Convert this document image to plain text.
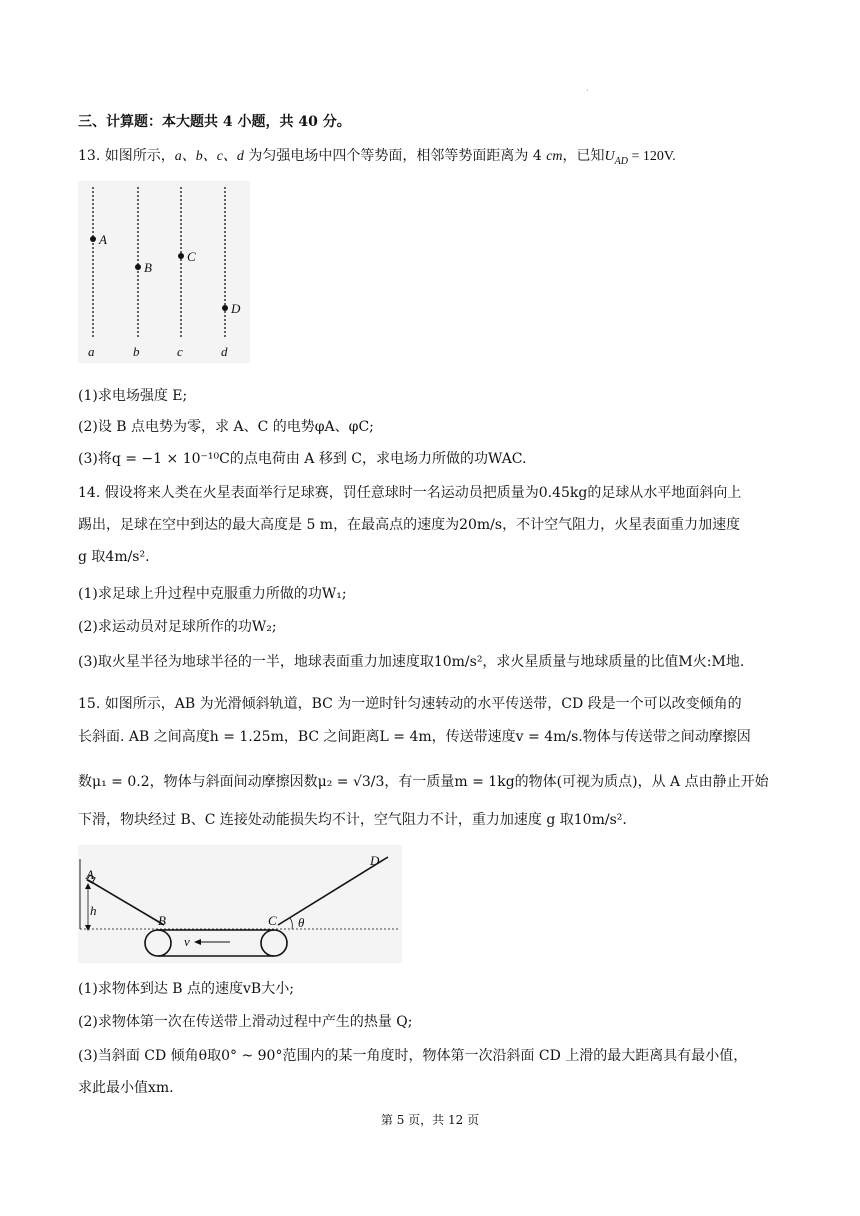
·
三、计算题：本大题共 4 小题，共 40 分。
13. 如图所示，a、b、c、d 为匀强电场中四个等势面，相邻等势面距离为 4 cm，已知$U_{AD} = 120V$.
A
B
C
D
a	b	c	d
(1)求电场强度 E;
(2)设 B 点电势为零，求 A、C 的电势φA、φC;
(3)将q = −1 × 10⁻¹⁰C的点电荷由 A 移到 C，求电场力所做的功WAC.
14. 假设将来人类在火星表面举行足球赛，罚任意球时一名运动员把质量为0.45kg的足球从水平地面斜向上
踢出，足球在空中到达的最大高度是 5 m，在最高点的速度为20m/s，不计空气阻力，火星表面重力加速度
g 取4m/s².
(1)求足球上升过程中克服重力所做的功W₁;
(2)求运动员对足球所作的功W₂;
(3)取火星半径为地球半径的一半，地球表面重力加速度取10m/s²，求火星质量与地球质量的比值M火:M地.
15. 如图所示，AB 为光滑倾斜轨道，BC 为一逆时针匀速转动的水平传送带，CD 段是一个可以改变倾角的
长斜面. AB 之间高度h = 1.25m，BC 之间距离L = 4m，传送带速度v = 4m/s.物体与传送带之间动摩擦因
数μ₁ = 0.2，物体与斜面间动摩擦因数μ₂ = √3/3，有一质量m = 1kg的物体(可视为质点)，从 A 点由静止开始
下滑，物块经过 B、C 连接处动能损失均不计，空气阻力不计，重力加速度 g 取10m/s².
A
h
B	C
D
v
θ
(1)求物体到达 B 点的速度vB大小;
(2)求物体第一次在传送带上滑动过程中产生的热量 Q;
(3)当斜面 CD 倾角θ取0° ~ 90°范围内的某一角度时，物体第一次沿斜面 CD 上滑的最大距离具有最小值，
求此最小值xm.
第 5 页，共 12 页
